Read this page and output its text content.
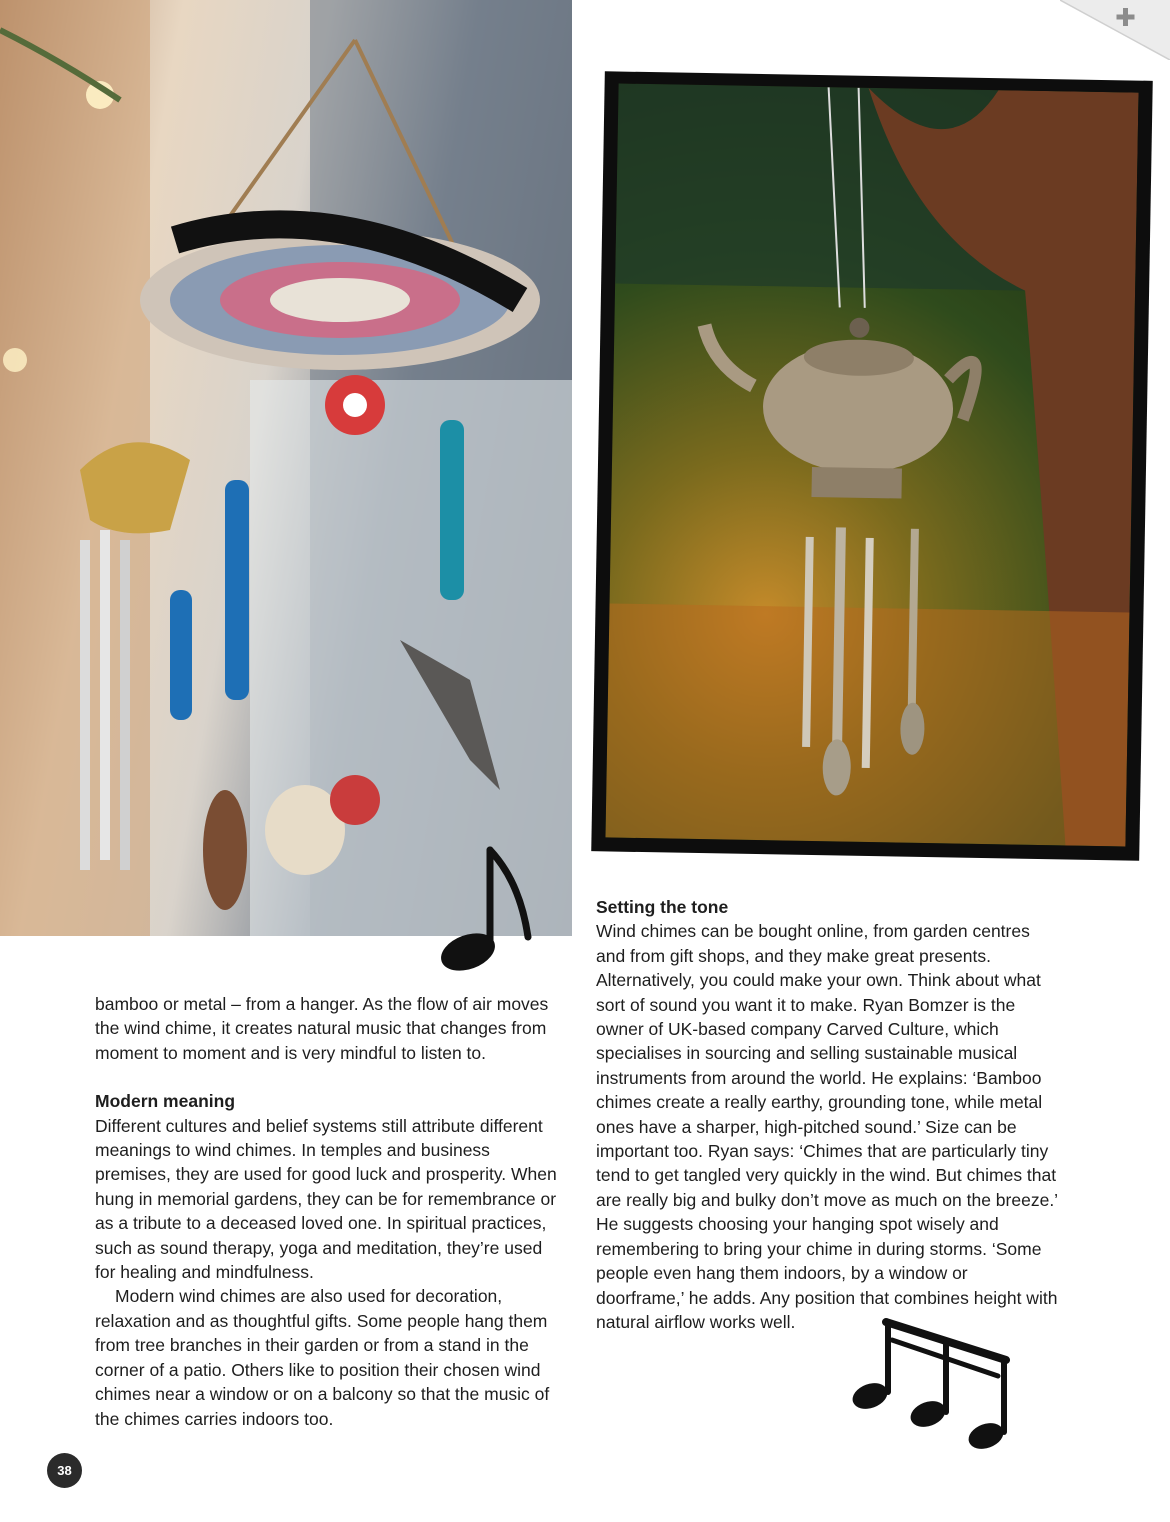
bamboo or metal – from a hanger. As the flow of air moves the wind chime, it creates natural music that changes from moment to moment and is very mindful to listen to.

Modern meaning

Different cultures and belief systems still attribute different meanings to wind chimes. In temples and business premises, they are used for good luck and prosperity. When hung in memorial gardens, they can be for remembrance or as a tribute to a deceased loved one. In spiritual practices, such as sound therapy, yoga and meditation, they’re used for healing and mindfulness.

Modern wind chimes are also used for decoration, relaxation and as thoughtful gifts. Some people hang them from tree branches in their garden or from a stand in the corner of a patio. Others like to position their chosen wind chimes near a window or on a balcony so that the music of the chimes carries indoors too.

Setting the tone

Wind chimes can be bought online, from garden centres and from gift shops, and they make great presents. Alternatively, you could make your own. Think about what sort of sound you want it to make. Ryan Bomzer is the owner of UK-based company Carved Culture, which specialises in sourcing and selling sustainable musical instruments from around the world. He explains: ‘Bamboo chimes create a really earthy, grounding tone, while metal ones have a sharper, high-pitched sound.’ Size can be important too. Ryan says: ‘Chimes that are particularly tiny tend to get tangled very quickly in the wind. But chimes that are really big and bulky don’t move as much on the breeze.’ He suggests choosing your hanging spot wisely and remembering to bring your chime in during storms. ‘Some people even hang them indoors, by a window or doorframe,’ he adds. Any position that combines height with natural airflow works well.

38
